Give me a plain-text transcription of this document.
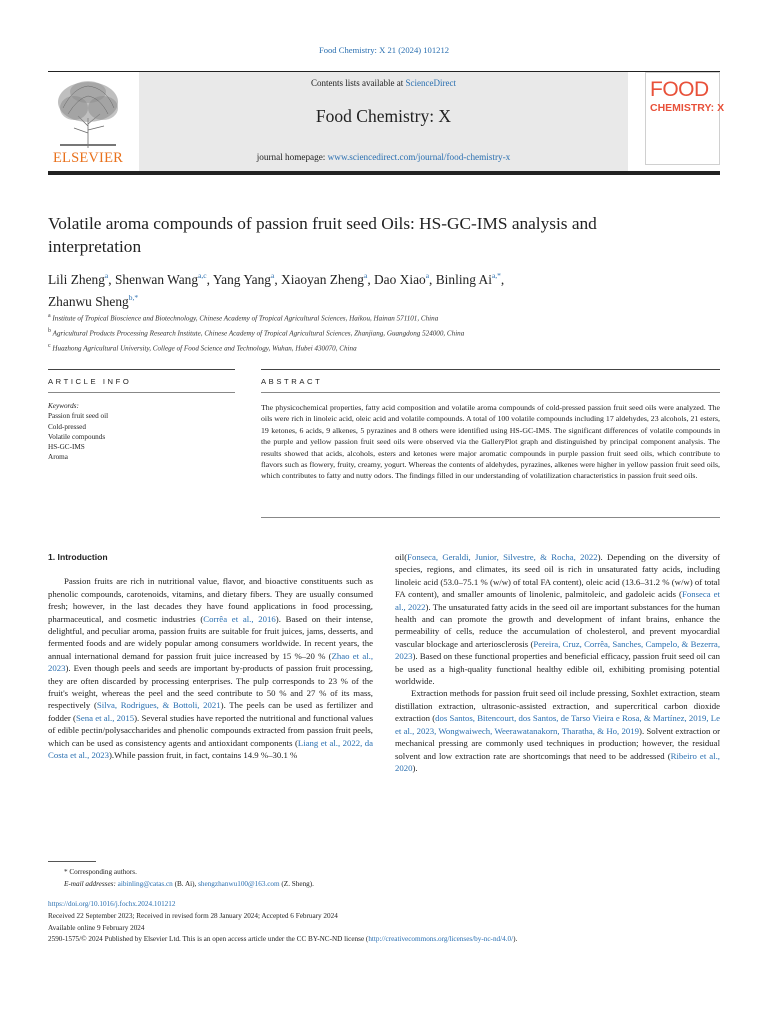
Food Chemistry: X 21 (2024) 101212
ELSEVIER
Contents lists available at ScienceDirect
Food Chemistry: X
journal homepage: www.sciencedirect.com/journal/food-chemistry-x
FOOD
CHEMISTRY: X
Volatile aroma compounds of passion fruit seed Oils: HS-GC-IMS analysis and interpretation
Lili Zheng$^a$, Shenwan Wang$^{a,c}$, Yang Yang$^a$, Xiaoyan Zheng$^a$, Dao Xiao$^a$, Binling $Ai^{a,*}$,
Zhanwu Sheng$^{b,*}$
$^a$ Institute of Tropical Bioscience and Biotechnology, Chinese Academy of Tropical Agricultural Sciences, Haikou, Hainan 571101, China
$^b$ Agricultural Products Processing Research Institute, Chinese Academy of Tropical Agricultural Sciences, Zhanjiang, Guangdong 524000, China
$^c$ Huazhong Agricultural University, College of Food Science and Technology, Wuhan, Hubei 430070, China
ARTICLE INFO	ABSTRACT
Keywords:
Passion fruit seed oil
Cold-pressed
Volatile compounds
HS-GC-IMS
Aroma
The physicochemical properties, fatty acid composition and volatile aroma compounds of cold-pressed passion fruit seed oils were analyzed. The oils were rich in linoleic acid, oleic acid and volatile compounds. A total of 100 volatile compounds including 17 aldehydes, 23 alcohols, 21 esters, 19 ketones, 6 acids, 9 alkenes, 5 pyrazines and 8 others were identified using HS-GC-IMS. The significant differences of volatile compounds in the purple and yellow passion fruit seed oils were observed via the GalleryPlot graph and distinguished by principal component analysis. The results showed that acids, alcohols, esters and ketones were major aromatic compounds in purple passion fruit seed oils, which contribute to flavors such as flowery, fruity, creamy, yogurt. Whereas the contents of aldehydes, pyrazines, alkenes were higher in yellow passion fruit seed oils, which contributes to fatty and nutty odors. The findings filled in our understanding of volatilization characteristics in passion fruit seed oils.
1. Introduction

Passion fruits are rich in nutritional value, flavor, and bioactive constituents such as phenolic compounds, carotenoids, vitamins, and dietary fibers. They are usually consumed fresh; however, in the last decades they have found applications in food processing, pharmaceutical, and cosmetic industries (Corrêa et al., 2016). Based on their intense, delightful, and peculiar aroma, passion fruits are suitable for fruit juices, jams, desserts, and fermented foods and are widely popular among consumers worldwide. In recent years, the annual international demand for passion fruit juice increased by 15 %–20 % (Zhao et al., 2023). Even though peels and seeds are important by-products of passion fruit processing, they are often discarded by processing enterprises. The pulp corresponds to 23 % of the fruit's weight, whereas the peel and the seed contribute to 50 % and 27 % of its mass, respectively (Silva, Rodrigues, & Bottoli, 2021). The peels can be used as fertilizer and fodder (Sena et al., 2015). Several studies have reported the nutritional and functional values of edible pectin/polysaccharides and phenolic compounds extracted from passion fruit peels, which can be used as consistency agents and antioxidant components (Liang et al., 2022, da Costa et al., 2023).While passion fruit, in fact, contains 14.9 %–30.1 %

oil(Fonseca, Geraldi, Junior, Silvestre, & Rocha, 2022). Depending on the diversity of species, regions, and climates, its seed oil is rich in unsaturated fatty acids, including linoleic acid (53.0–75.1 % (w/w) of total FA content), oleic acid (13.6–31.2 % (w/w) of total FA content), and smaller amounts of linolenic, palmitoleic, and gadoleic acids (Fonseca et al., 2022). The unsaturated fatty acids in the seed oil are important substances for the human health and can promote the growth and development of infant brains, enhance the permeability of cells, reduce the accumulation of cholesterol, and prevent myocardial vascular blockage and arteriosclerosis (Pereira, Cruz, Corrêa, Sanches, Campelo, & Bezerra, 2023). Based on these functional properties and beneficial efficacy, passion fruit seed oil can be used as a high-quality functional healthy edible oil, exhibiting promising potential worldwide.

Extraction methods for passion fruit seed oil include pressing, Soxhlet extraction, steam distillation extraction, ultrasonic-assisted extraction, and supercritical carbon dioxide extraction (dos Santos, Bitencourt, dos Santos, de Tarso Vieira e Rosa, & Martínez, 2019, Le et al., 2023, Wongwaiwech, Weerawatanakorn, Tharatha, & Ho, 2019). Solvent extraction or mechanical pressing are commonly used techniques in production; however, the residual solvent and low extraction rate are shortcomings that need to be addressed (Ribeiro et al., 2020).

* Corresponding authors.
E-mail addresses: aibinling@catas.cn (B. Ai), shengzhanwu100@163.com (Z. Sheng).
https://doi.org/10.1016/j.fochx.2024.101212
Received 22 September 2023; Received in revised form 28 January 2024; Accepted 6 February 2024
Available online 9 February 2024
2590-1575/© 2024 Published by Elsevier Ltd. This is an open access article under the CC BY-NC-ND license (http://creativecommons.org/licenses/by-nc-nd/4.0/).
